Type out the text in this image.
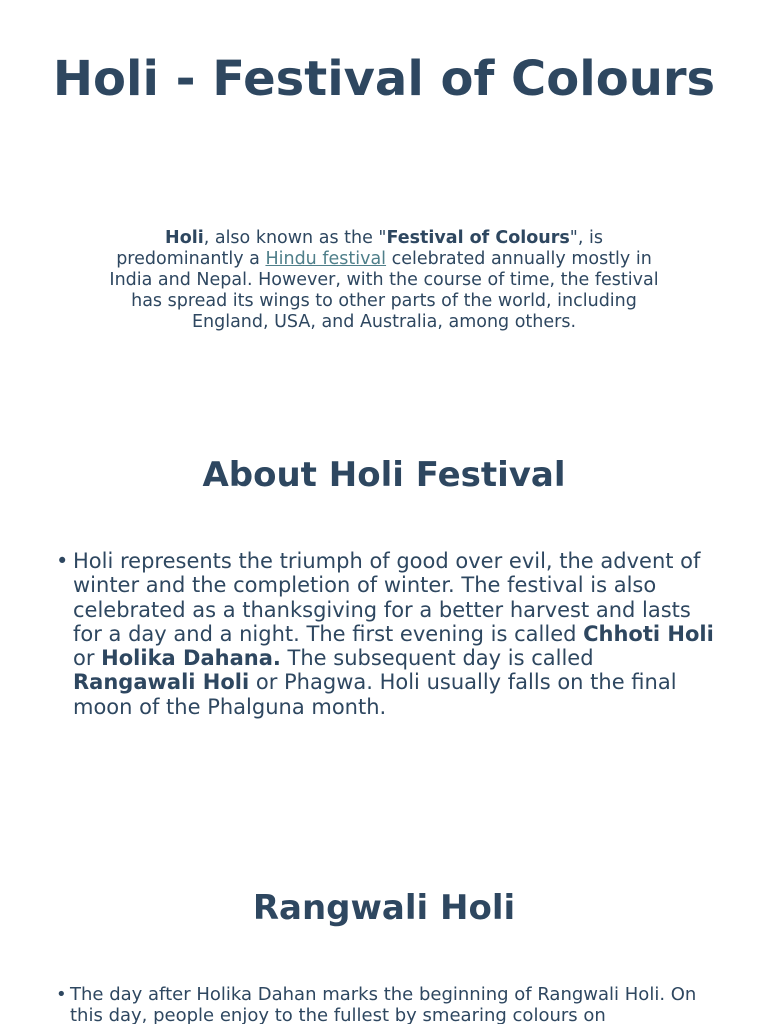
Holi - Festival of Colours

Holi, also known as the "Festival of Colours", is predominantly a Hindu festival celebrated annually mostly in India and Nepal. However, with the course of time, the festival has spread its wings to other parts of the world, including England, USA, and Australia, among others.

About Holi Festival
• Holi represents the triumph of good over evil, the advent of winter and the completion of winter. The festival is also celebrated as a thanksgiving for a better harvest and lasts for a day and a night. The first evening is called Chhoti Holi or Holika Dahana. The subsequent day is called Rangawali Holi or Phagwa. Holi usually falls on the final moon of the Phalguna month.
Rangwali Holi
• The day after Holika Dahan marks the beginning of Rangwali Holi. On this day, people enjoy to the fullest by smearing colours on
